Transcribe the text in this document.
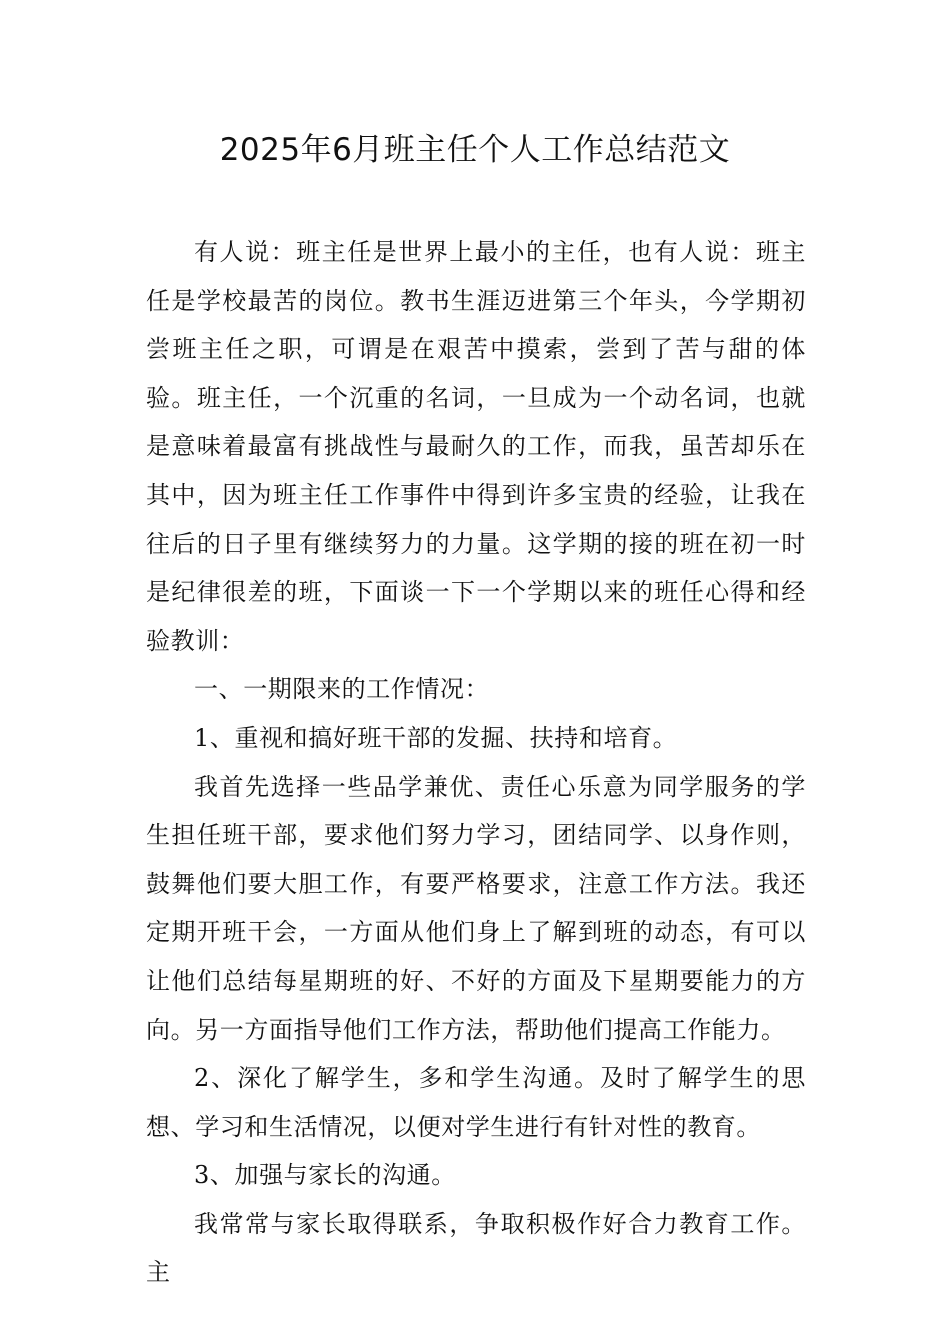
2025年6月班主任个人工作总结范文

有人说：班主任是世界上最小的主任，也有人说：班主任是学校最苦的岗位。教书生涯迈进第三个年头，今学期初尝班主任之职，可谓是在艰苦中摸索，尝到了苦与甜的体验。班主任，一个沉重的名词，一旦成为一个动名词，也就是意味着最富有挑战性与最耐久的工作，而我，虽苦却乐在其中，因为班主任工作事件中得到许多宝贵的经验，让我在往后的日子里有继续努力的力量。这学期的接的班在初一时是纪律很差的班，下面谈一下一个学期以来的班任心得和经验教训：

一、一期限来的工作情况：

1、重视和搞好班干部的发掘、扶持和培育。

我首先选择一些品学兼优、责任心乐意为同学服务的学生担任班干部，要求他们努力学习，团结同学、以身作则，鼓舞他们要大胆工作，有要严格要求，注意工作方法。我还定期开班干会，一方面从他们身上了解到班的动态，有可以让他们总结每星期班的好、不好的方面及下星期要能力的方向。另一方面指导他们工作方法，帮助他们提高工作能力。

2、深化了解学生，多和学生沟通。及时了解学生的思想、学习和生活情况，以便对学生进行有针对性的教育。

3、加强与家长的沟通。

我常常与家长取得联系，争取积极作好合力教育工作。主
